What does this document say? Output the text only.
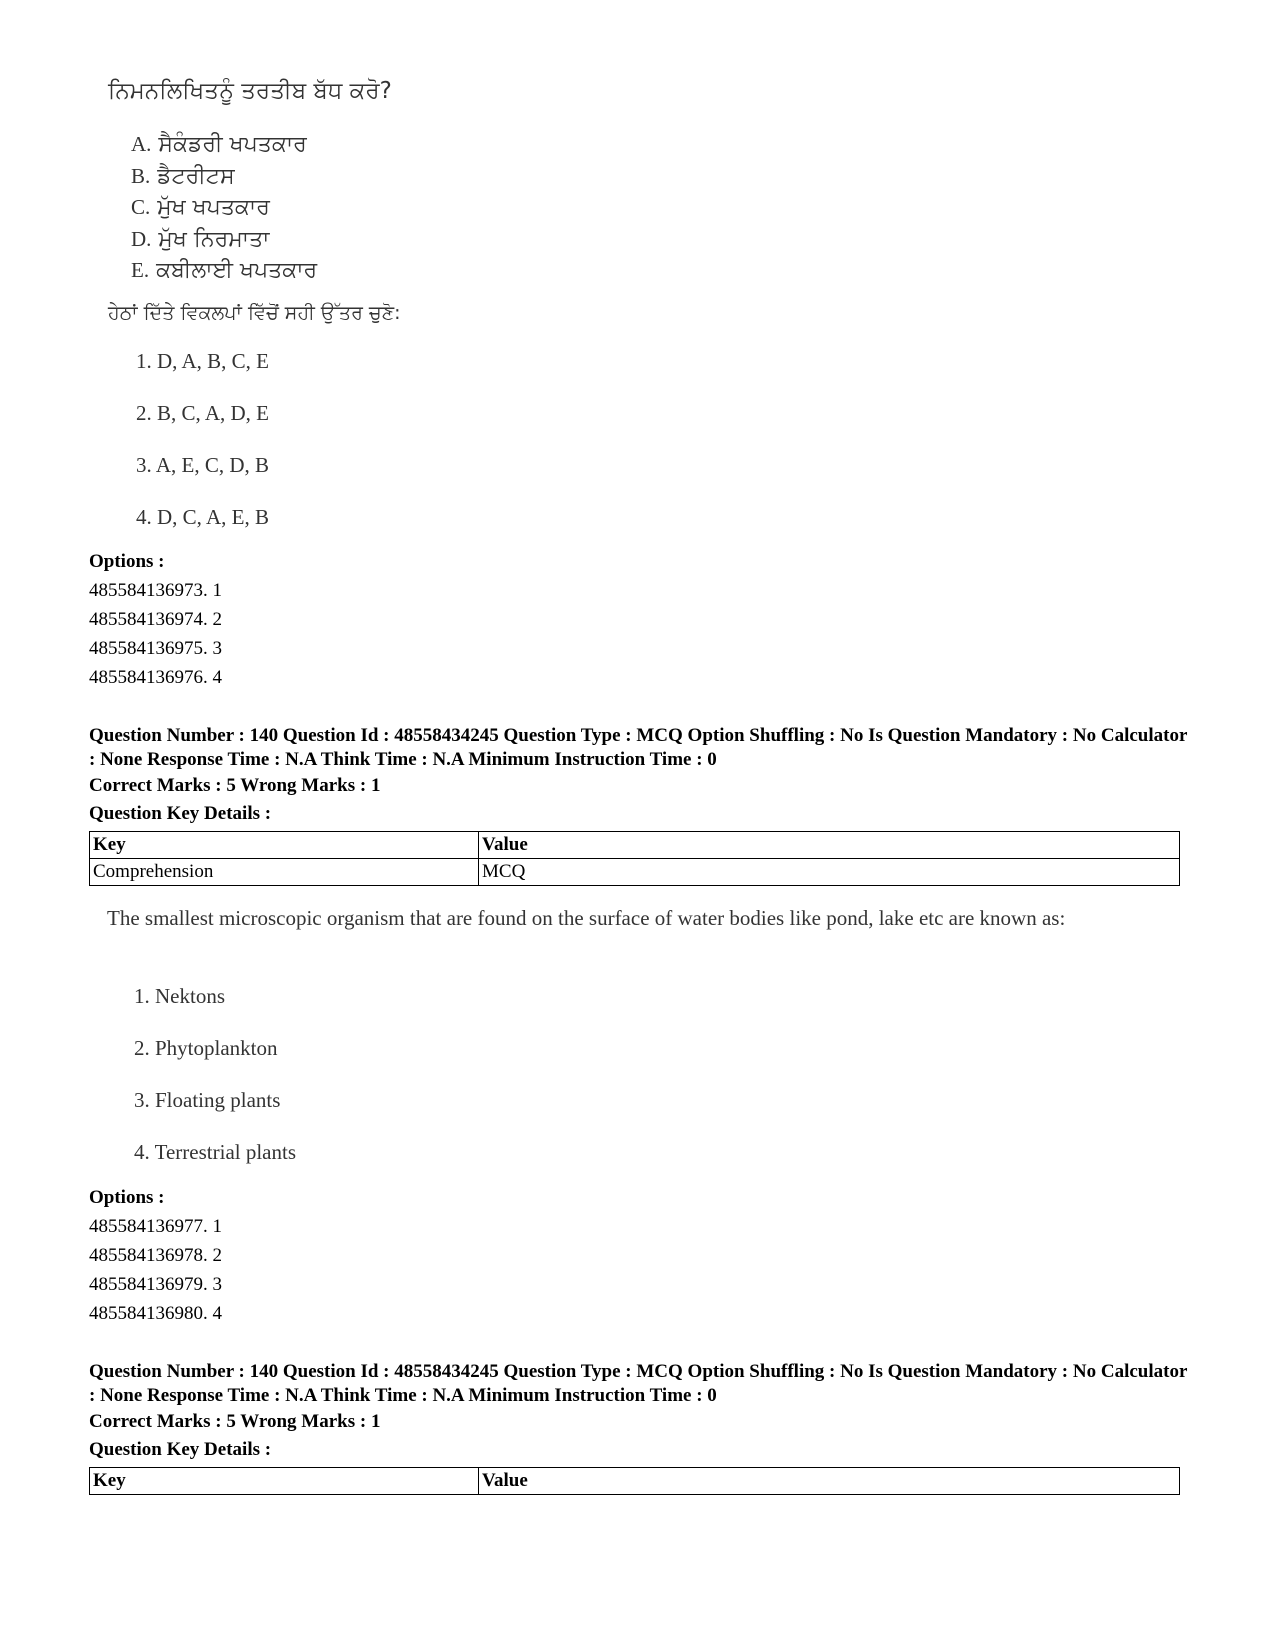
ਨਿਮਨਲਿਖਿਤਨੂੰ ਤਰਤੀਬ ਬੱਧ ਕਰੋ?
A. ਸੈਕੰਡਰੀ ਖਪਤਕਾਰ
B. ਡੈਟਰੀਟਸ
C. ਮੁੱਖ ਖਪਤਕਾਰ
D. ਮੁੱਖ ਨਿਰਮਾਤਾ
E. ਕਬੀਲਾਈ ਖਪਤਕਾਰ
ਹੇਠਾਂ ਦਿੱਤੇ ਵਿਕਲਪਾਂ ਵਿੱਚੋਂ ਸਹੀ ਉੱਤਰ ਚੁਣੋ:
1. D, A, B, C, E
2. B, C, A, D, E
3. A, E, C, D, B
4. D, C, A, E, B
Options :
485584136973. 1
485584136974. 2
485584136975. 3
485584136976. 4
Question Number : 140 Question Id : 48558434245 Question Type : MCQ Option Shuffling : No Is Question Mandatory : No Calculator : None Response Time : N.A Think Time : N.A Minimum Instruction Time : 0
Correct Marks : 5 Wrong Marks : 1
Question Key Details :
Key	Value
Comprehension	MCQ
The smallest microscopic organism that are found on the surface of water bodies like pond, lake etc are known as:
1. Nektons
2. Phytoplankton
3. Floating plants
4. Terrestrial plants
Options :
485584136977. 1
485584136978. 2
485584136979. 3
485584136980. 4
Question Number : 140 Question Id : 48558434245 Question Type : MCQ Option Shuffling : No Is Question Mandatory : No Calculator : None Response Time : N.A Think Time : N.A Minimum Instruction Time : 0
Correct Marks : 5 Wrong Marks : 1
Question Key Details :
Key	Value
